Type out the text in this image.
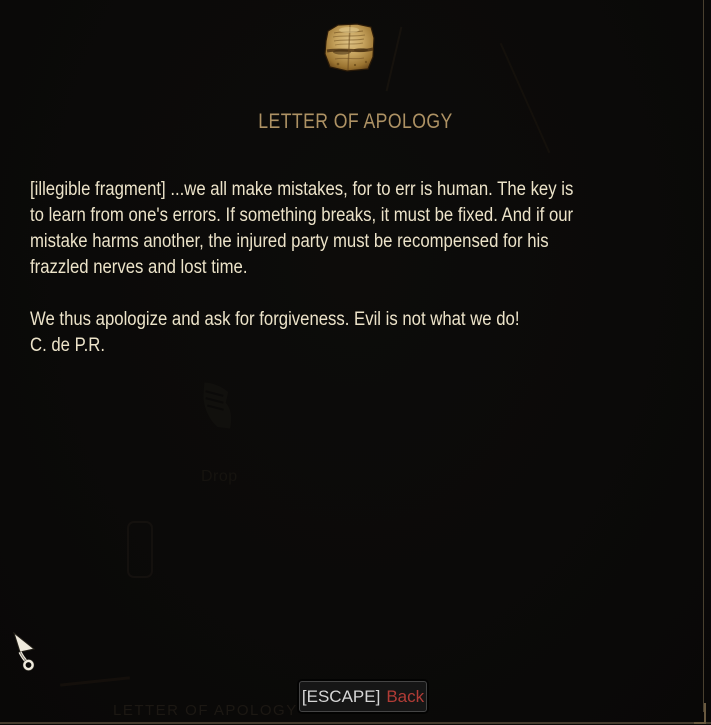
Drop
LETTER OF APOLOGY
LETTER OF APOLOGY
[illegible fragment] ...we all make mistakes, for to err is human. The key is
to learn from one's errors. If something breaks, it must be fixed. And if our
mistake harms another, the injured party must be recompensed for his
frazzled nerves and lost time.
We thus apologize and ask for forgiveness. Evil is not what we do!
C. de P.R.
[ESCAPE] Back
